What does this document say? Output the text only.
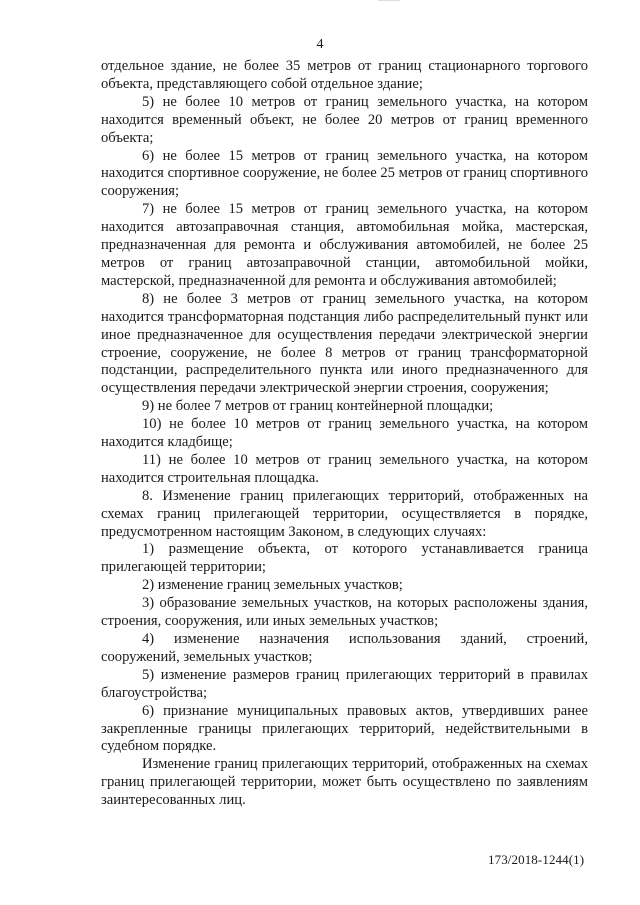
4

отдельное здание, не более 35 метров от границ стационарного торгового объекта, представляющего собой отдельное здание;

5) не более 10 метров от границ земельного участка, на котором находится временный объект, не более 20 метров от границ временного объекта;

6) не более 15 метров от границ земельного участка, на котором находится спортивное сооружение, не более 25 метров от границ спортивного сооружения;

7) не более 15 метров от границ земельного участка, на котором находится автозаправочная станция, автомобильная мойка, мастерская, предназначенная для ремонта и обслуживания автомобилей, не более 25 метров от границ автозаправочной станции, автомобильной мойки, мастерской, предназначенной для ремонта и обслуживания автомобилей;

8) не более 3 метров от границ земельного участка, на котором находится трансформаторная подстанция либо распределительный пункт или иное предназначенное для осуществления передачи электрической энергии строение, сооружение, не более 8 метров от границ трансформаторной подстанции, распределительного пункта или иного предназначенного для осуществления передачи электрической энергии строения, сооружения;

9) не более 7 метров от границ контейнерной площадки;

10) не более 10 метров от границ земельного участка, на котором находится кладбище;

11) не более 10 метров от границ земельного участка, на котором находится строительная площадка.

8. Изменение границ прилегающих территорий, отображенных на схемах границ прилегающей территории, осуществляется в порядке, предусмотренном настоящим Законом, в следующих случаях:

1) размещение объекта, от которого устанавливается граница прилегающей территории;

2) изменение границ земельных участков;

3) образование земельных участков, на которых расположены здания, строения, сооружения, или иных земельных участков;

4) изменение назначения использования зданий, строений, сооружений, земельных участков;

5) изменение размеров границ прилегающих территорий в правилах благоустройства;

6) признание муниципальных правовых актов, утвердивших ранее закрепленные границы прилегающих территорий, недействительными в судебном порядке.

Изменение границ прилегающих территорий, отображенных на схемах границ прилегающей территории, может быть осуществлено по заявлениям заинтересованных лиц.

173/2018-1244(1)
